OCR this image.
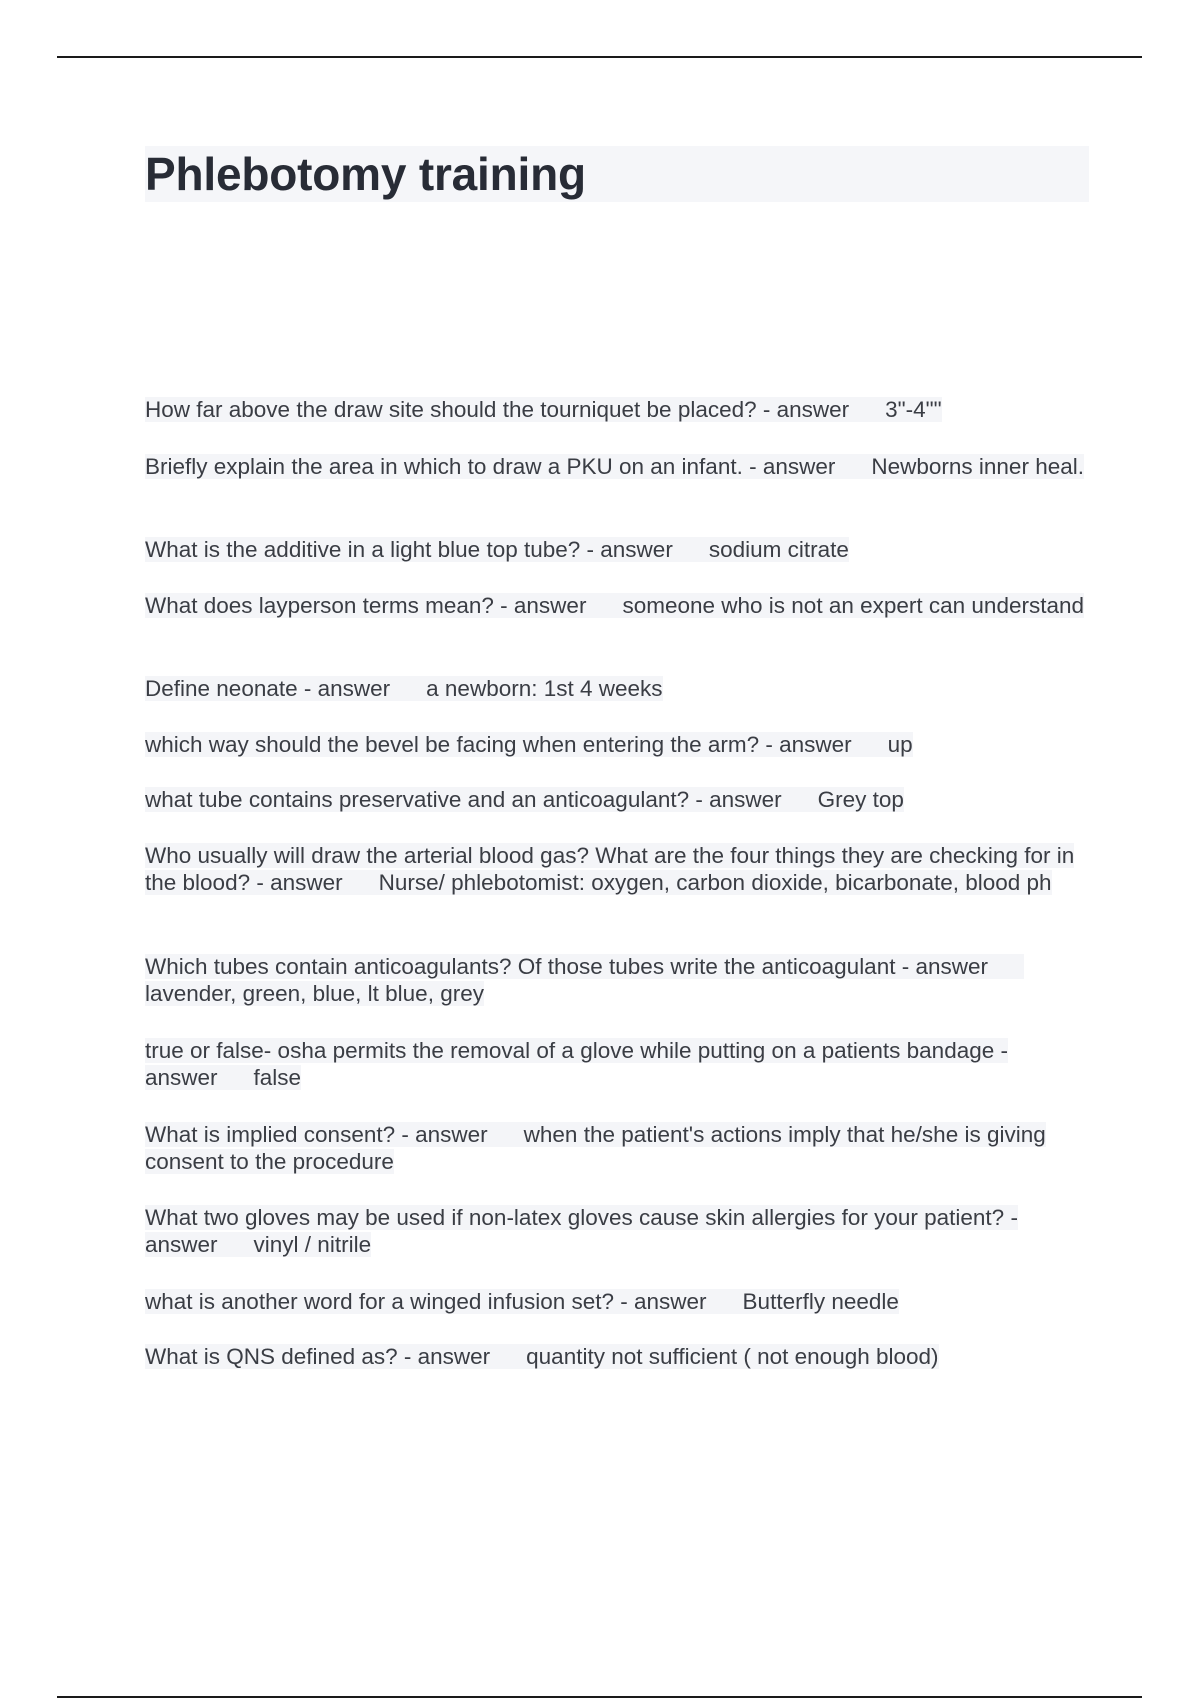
Phlebotomy training

How far above the draw site should the tourniquet be placed? - answer 3"-4""

Briefly explain the area in which to draw a PKU on an infant. - answer Newborns inner heal.

What is the additive in a light blue top tube? - answer sodium citrate

What does layperson terms mean? - answer someone who is not an expert can understand

Define neonate - answer a newborn: 1st 4 weeks

which way should the bevel be facing when entering the arm? - answer up

what tube contains preservative and an anticoagulant? - answer Grey top

Who usually will draw the arterial blood gas? What are the four things they are checking for in the blood? - answer Nurse/ phlebotomist: oxygen, carbon dioxide, bicarbonate, blood ph

Which tubes contain anticoagulants? Of those tubes write the anticoagulant - answerlavender, green, blue, lt blue, grey

true or false- osha permits the removal of a glove while putting on a patients bandage - answer false

What is implied consent? - answer when the patient's actions imply that he/she is giving consent to the procedure

What two gloves may be used if non-latex gloves cause skin allergies for your patient? - answer vinyl / nitrile

what is another word for a winged infusion set? - answer Butterfly needle

What is QNS defined as? - answer quantity not sufficient ( not enough blood)
